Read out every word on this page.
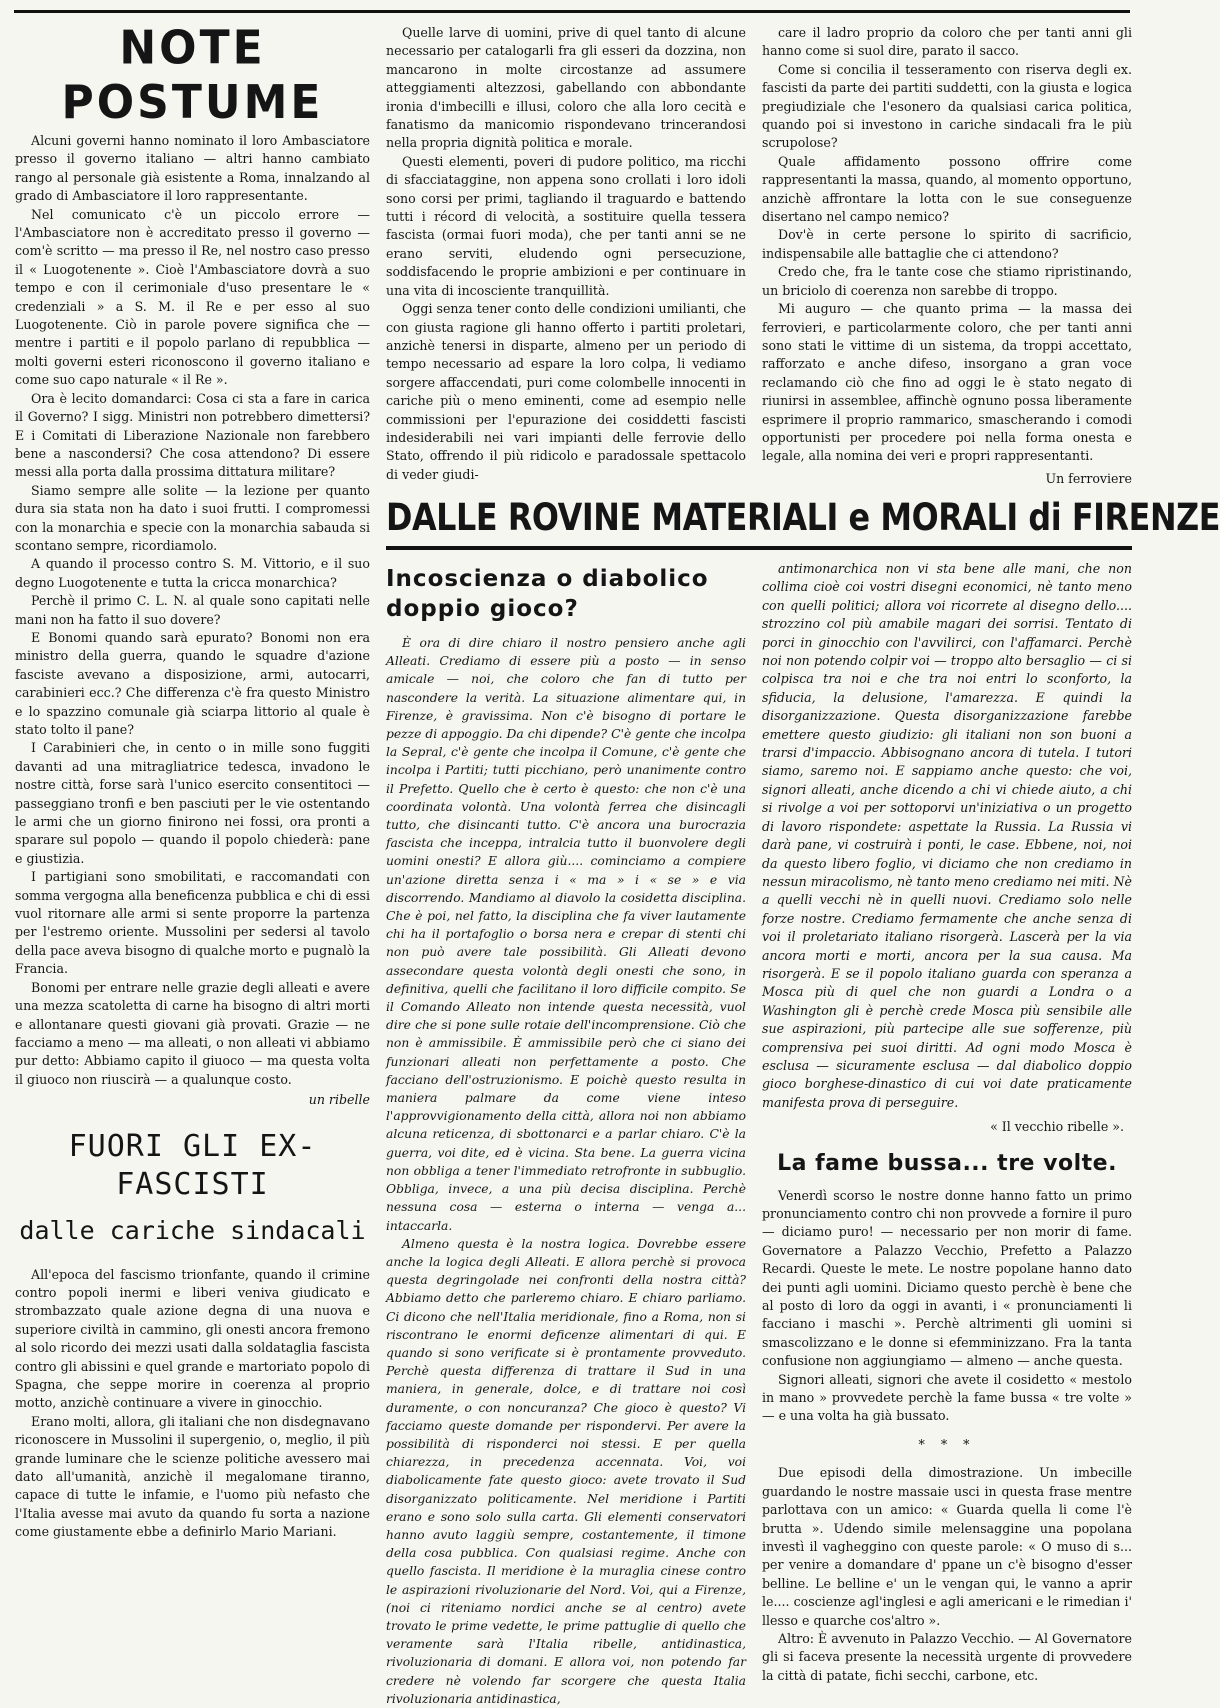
NOTE POSTUME

Alcuni governi hanno nominato il loro Ambasciatore presso il governo italiano — altri hanno cambiato rango al personale già esistente a Roma, innalzando al grado di Ambasciatore il loro rappresentante.

Nel comunicato c'è un piccolo errore — l'Ambasciatore non è accreditato presso il governo — com'è scritto — ma presso il Re, nel nostro caso presso il « Luogotenente ». Cioè l'Ambasciatore dovrà a suo tempo e con il cerimoniale d'uso presentare le « credenziali » a S. M. il Re e per esso al suo Luogotenente. Ciò in parole povere significa che — mentre i partiti e il popolo parlano di repubblica — molti governi esteri riconoscono il governo italiano e come suo capo naturale « il Re ».

Ora è lecito domandarci: Cosa ci sta a fare in carica il Governo? I sigg. Ministri non potrebbero dimettersi? E i Comitati di Liberazione Nazionale non farebbero bene a nascondersi? Che cosa attendono? Di essere messi alla porta dalla prossima dittatura militare?

Siamo sempre alle solite — la lezione per quanto dura sia stata non ha dato i suoi frutti. I compromessi con la monarchia e specie con la monarchia sabauda si scontano sempre, ricordiamolo.

A quando il processo contro S. M. Vittorio, e il suo degno Luogotenente e tutta la cricca monarchica?

Perchè il primo C. L. N. al quale sono capitati nelle mani non ha fatto il suo dovere?

E Bonomi quando sarà epurato? Bonomi non era ministro della guerra, quando le squadre d'azione fasciste avevano a disposizione, armi, autocarri, carabinieri ecc.? Che differenza c'è fra questo Ministro e lo spazzino comunale già sciarpa littorio al quale è stato tolto il pane?

I Carabinieri che, in cento o in mille sono fuggiti davanti ad una mitragliatrice tedesca, invadono le nostre città, forse sarà l'unico esercito consentitoci — passeggiano tronfi e ben pasciuti per le vie ostentando le armi che un giorno finirono nei fossi, ora pronti a sparare sul popolo — quando il popolo chiederà: pane e giustizia.

I partigiani sono smobilitati, e raccomandati con somma vergogna alla beneficenza pubblica e chi di essi vuol ritornare alle armi si sente proporre la partenza per l'estremo oriente. Mussolini per sedersi al tavolo della pace aveva bisogno di qualche morto e pugnalò la Francia.

Bonomi per entrare nelle grazie degli alleati e avere una mezza scatoletta di carne ha bisogno di altri morti e allontanare questi giovani già provati. Grazie — ne facciamo a meno — ma alleati, o non alleati vi abbiamo pur detto: Abbiamo capito il giuoco — ma questa volta il giuoco non riuscirà — a qualunque costo.

un ribelle
FUORI GLI EX-FASCISTI
dalle cariche sindacali

All'epoca del fascismo trionfante, quando il crimine contro popoli inermi e liberi veniva giudicato e strombazzato quale azione degna di una nuova e superiore civiltà in cammino, gli onesti ancora fremono al solo ricordo dei mezzi usati dalla soldataglia fascista contro gli abissini e quel grande e martoriato popolo di Spagna, che seppe morire in coerenza al proprio motto, anzichè continuare a vivere in ginocchio.

Erano molti, allora, gli italiani che non disdegnavano riconoscere in Mussolini il supergenio, o, meglio, il più grande luminare che le scienze politiche avessero mai dato all'umanità, anzichè il megalomane tiranno, capace di tutte le infamie, e l'uomo più nefasto che l'Italia avesse mai avuto da quando fu sorta a nazione come giustamente ebbe a definirlo Mario Mariani.

Quelle larve di uomini, prive di quel tanto di alcune necessario per catalogarli fra gli esseri da dozzina, non mancarono in molte circostanze ad assumere atteggiamenti altezzosi, gabellando con abbondante ironia d'imbecilli e illusi, coloro che alla loro cecità e fanatismo da manicomio rispondevano trincerandosi nella propria dignità politica e morale.

Questi elementi, poveri di pudore politico, ma ricchi di sfacciataggine, non appena sono crollati i loro idoli sono corsi per primi, tagliando il traguardo e battendo tutti i récord di velocità, a sostituire quella tessera fascista (ormai fuori moda), che per tanti anni se ne erano serviti, eludendo ogni persecuzione, soddisfacendo le proprie ambizioni e per continuare in una vita di incosciente tranquillità.

Oggi senza tener conto delle condizioni umilianti, che con giusta ragione gli hanno offerto i partiti proletari, anzichè tenersi in disparte, almeno per un periodo di tempo necessario ad espare la loro colpa, li vediamo sorgere affaccendati, puri come colombelle innocenti in cariche più o meno eminenti, come ad esempio nelle commissioni per l'epurazione dei cosiddetti fascisti indesiderabili nei vari impianti delle ferrovie dello Stato, offrendo il più ridicolo e paradossale spettacolo di veder giudi-

care il ladro proprio da coloro che per tanti anni gli hanno come si suol dire, parato il sacco.

Come si concilia il tesseramento con riserva degli ex. fascisti da parte dei partiti suddetti, con la giusta e logica pregiudiziale che l'esonero da qualsiasi carica politica, quando poi si investono in cariche sindacali fra le più scrupolose?

Quale affidamento possono offrire come rappresentanti la massa, quando, al momento opportuno, anzichè affrontare la lotta con le sue conseguenze disertano nel campo nemico?

Dov'è in certe persone lo spirito di sacrificio, indispensabile alle battaglie che ci attendono?

Credo che, fra le tante cose che stiamo ripristinando, un briciolo di coerenza non sarebbe di troppo.

Mi auguro — che quanto prima — la massa dei ferrovieri, e particolarmente coloro, che per tanti anni sono stati le vittime di un sistema, da troppi accettato, rafforzato e anche difeso, insorgano a gran voce reclamando ciò che fino ad oggi le è stato negato di riunirsi in assemblee, affinchè ognuno possa liberamente esprimere il proprio rammarico, smascherando i comodi opportunisti per procedere poi nella forma onesta e legale, alla nomina dei veri e propri rappresentanti.

Un ferroviere
DALLE ROVINE MATERIALI e MORALI di FIRENZE
Incoscienza o diabolico doppio gioco?

È ora di dire chiaro il nostro pensiero anche agli Alleati. Crediamo di essere più a posto — in senso amicale — noi, che coloro che fan di tutto per nascondere la verità. La situazione alimentare qui, in Firenze, è gravissima. Non c'è bisogno di portare le pezze di appoggio. Da chi dipende? C'è gente che incolpa la Sepral, c'è gente che incolpa il Comune, c'è gente che incolpa i Partiti; tutti picchiano, però unanimente contro il Prefetto. Quello che è certo è questo: che non c'è una coordinata volontà. Una volontà ferrea che disincagli tutto, che disincanti tutto. C'è ancora una burocrazia fascista che inceppa, intralcia tutto il buonvolere degli uomini onesti? E allora giù.... cominciamo a compiere un'azione diretta senza i « ma » i « se » e via discorrendo. Mandiamo al diavolo la cosidetta disciplina. Che è poi, nel fatto, la disciplina che fa viver lautamente chi ha il portafoglio o borsa nera e crepar di stenti chi non può avere tale possibilità. Gli Alleati devono assecondare questa volontà degli onesti che sono, in definitiva, quelli che facilitano il loro difficile compito. Se il Comando Alleato non intende questa necessità, vuol dire che si pone sulle rotaie dell'incomprensione. Ciò che non è ammissibile. È ammissibile però che ci siano dei funzionari alleati non perfettamente a posto. Che facciano dell'ostruzionismo. E poichè questo resulta in maniera palmare da come viene inteso l'approvvigionamento della città, allora noi non abbiamo alcuna reticenza, di sbottonarci e a parlar chiaro. C'è la guerra, voi dite, ed è vicina. Sta bene. La guerra vicina non obbliga a tener l'immediato retrofronte in subbuglio. Obbliga, invece, a una più decisa disciplina. Perchè nessuna cosa — esterna o interna — venga a... intaccarla.

Almeno questa è la nostra logica. Dovrebbe essere anche la logica degli Alleati. E allora perchè si provoca questa degringolade nei confronti della nostra città? Abbiamo detto che parleremo chiaro. E chiaro parliamo. Ci dicono che nell'Italia meridionale, fino a Roma, non si riscontrano le enormi deficenze alimentari di qui. E quando si sono verificate si è prontamente provveduto. Perchè questa differenza di trattare il Sud in una maniera, in generale, dolce, e di trattare noi così duramente, o con noncuranza? Che gioco è questo? Vi facciamo queste domande per rispondervi. Per avere la possibilità di risponderci noi stessi. E per quella chiarezza, in precedenza accennata. Voi, voi diabolicamente fate questo gioco: avete trovato il Sud disorganizzato politicamente. Nel meridione i Partiti erano e sono solo sulla carta. Gli elementi conservatori hanno avuto laggiù sempre, costantemente, il timone della cosa pubblica. Con qualsiasi regime. Anche con quello fascista. Il meridione è la muraglia cinese contro le aspirazioni rivoluzionarie del Nord. Voi, qui a Firenze, (noi ci riteniamo nordici anche se al centro) avete trovato le prime vedette, le prime pattuglie di quello che veramente sarà l'Italia ribelle, antidinastica, rivoluzionaria di domani. E allora voi, non potendo far credere nè volendo far scorgere che questa Italia rivoluzionaria antidinastica,

antimonarchica non vi sta bene alle mani, che non collima cioè coi vostri disegni economici, nè tanto meno con quelli politici; allora voi ricorrete al disegno dello.... strozzino col più amabile magari dei sorrisi. Tentato di porci in ginocchio con l'avvilirci, con l'affamarci. Perchè noi non potendo colpir voi — troppo alto bersaglio — ci si colpisca tra noi e che tra noi entri lo sconforto, la sfiducia, la delusione, l'amarezza. E quindi la disorganizzazione. Questa disorganizzazione farebbe emettere questo giudizio: gli italiani non son buoni a trarsi d'impaccio. Abbisognano ancora di tutela. I tutori siamo, saremo noi. E sappiamo anche questo: che voi, signori alleati, anche dicendo a chi vi chiede aiuto, a chi si rivolge a voi per sottoporvi un'iniziativa o un progetto di lavoro rispondete: aspettate la Russia. La Russia vi darà pane, vi costruirà i ponti, le case. Ebbene, noi, noi da questo libero foglio, vi diciamo che non crediamo in nessun miracolismo, nè tanto meno crediamo nei miti. Nè a quelli vecchi nè in quelli nuovi. Crediamo solo nelle forze nostre. Crediamo fermamente che anche senza di voi il proletariato italiano risorgerà. Lascerà per la via ancora morti e morti, ancora per la sua causa. Ma risorgerà. E se il popolo italiano guarda con speranza a Mosca più di quel che non guardi a Londra o a Washington gli è perchè crede Mosca più sensibile alle sue aspirazioni, più partecipe alle sue sofferenze, più comprensiva pei suoi diritti. Ad ogni modo Mosca è esclusa — sicuramente esclusa — dal diabolico doppio gioco borghese-dinastico di cui voi date praticamente manifesta prova di perseguire.

« Il vecchio ribelle ».
La fame bussa... tre volte.

Venerdì scorso le nostre donne hanno fatto un primo pronunciamento contro chi non provvede a fornire il puro — diciamo puro! — necessario per non morir di fame. Governatore a Palazzo Vecchio, Prefetto a Palazzo Recardi. Queste le mete. Le nostre popolane hanno dato dei punti agli uomini. Diciamo questo perchè è bene che al posto di loro da oggi in avanti, i « pronunciamenti li facciano i maschi ». Perchè altrimenti gli uomini si smascolizzano e le donne si efemminizzano. Fra la tanta confusione non aggiungiamo — almeno — anche questa.

Signori alleati, signori che avete il cosidetto « mestolo in mano » provvedete perchè la fame bussa « tre volte » — e una volta ha già bussato.

* * *

Due episodi della dimostrazione. Un imbecille guardando le nostre massaie usci in questa frase mentre parlottava con un amico: « Guarda quella li come l'è brutta ». Udendo simile melensaggine una popolana investì il vagheggino con queste parole: « O muso di s... per venire a domandare d' ppane un c'è bisogno d'esser belline. Le belline e' un le vengan qui, le vanno a aprir le.... coscienze agl'inglesi e agli americani e le rimedian i' llesso e quarche cos'altro ».

Altro: È avvenuto in Palazzo Vecchio. — Al Governatore gli si faceva presente la necessità urgente di provvedere la città di patate, fichi secchi, carbone, etc.
